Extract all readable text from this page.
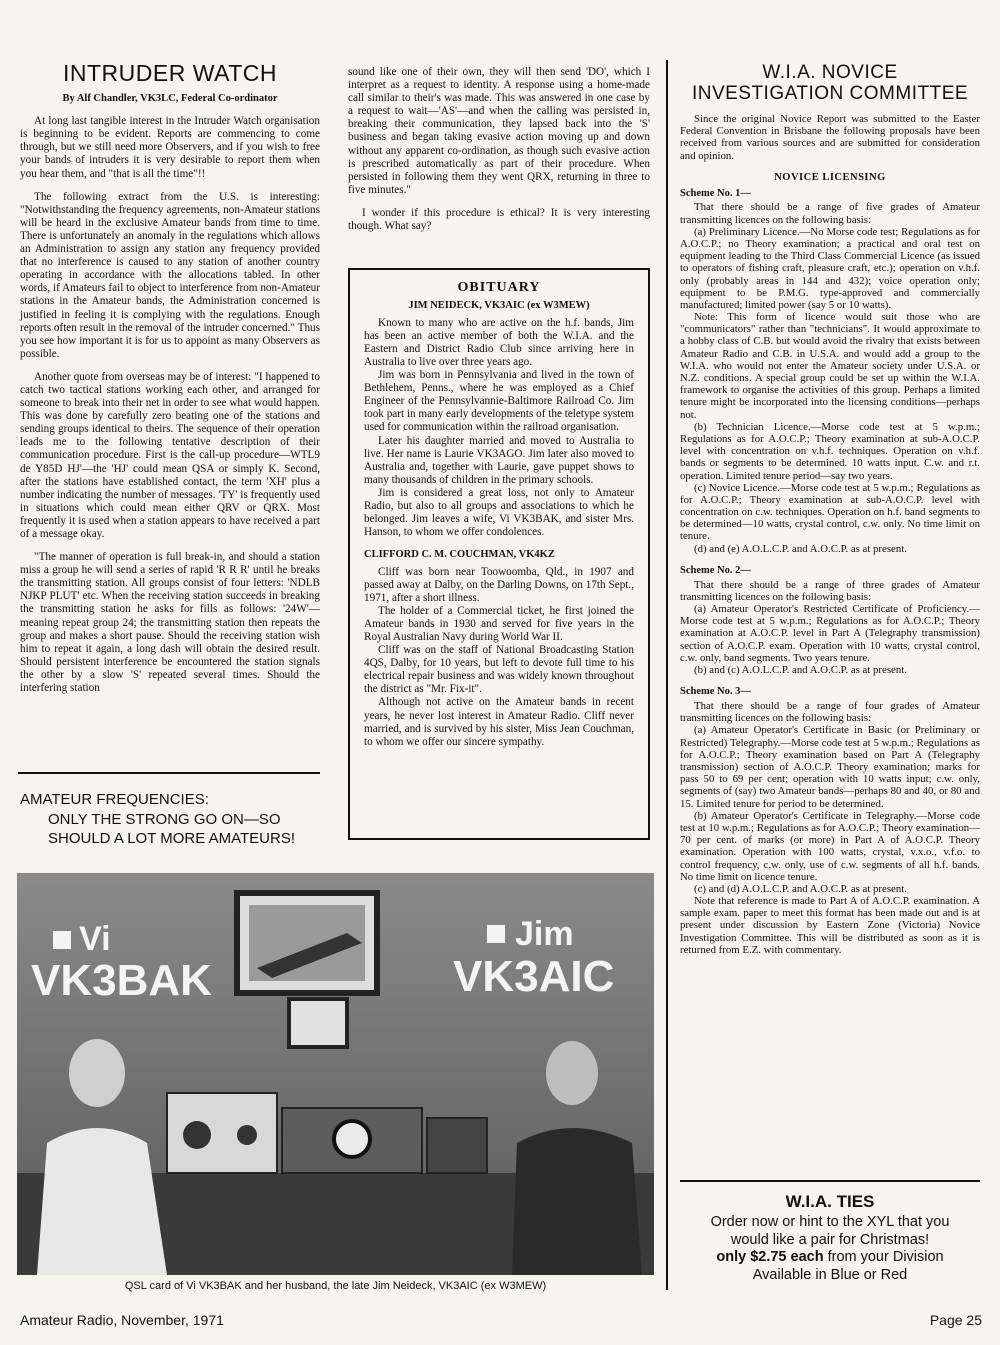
INTRUDER WATCH
By Alf Chandler, VK3LC, Federal Co-ordinator

At long last tangible interest in the Intruder Watch organisation is beginning to be evident. Reports are commencing to come through, but we still need more Observers, and if you wish to free your bands of intruders it is very desirable to report them when you hear them, and "that is all the time"!!

The following extract from the U.S. is interesting: "Notwithstanding the frequency agreements, non-Amateur stations will be heard in the exclusive Amateur bands from time to time. There is unfortunately an anomaly in the regulations which allows an Administration to assign any station any frequency provided that no interference is caused to any station of another country operating in accordance with the allocations tabled. In other words, if Amateurs fail to object to interference from non-Amateur stations in the Amateur bands, the Administration concerned is justified in feeling it is complying with the regulations. Enough reports often result in the removal of the intruder concerned." Thus you see how important it is for us to appoint as many Observers as possible.

Another quote from overseas may be of interest: "I happened to catch two tactical stations working each other, and arranged for someone to break into their net in order to see what would happen. This was done by carefully zero beating one of the stations and sending groups identical to theirs. The sequence of their operation leads me to the following tentative description of their communication procedure. First is the call-up procedure—WTL9 de Y85D HJ'—the 'HJ' could mean QSA or simply K. Second, after the stations have established contact, the term 'XH' plus a number indicating the number of messages. 'TY' is frequently used in situations which could mean either QRV or QRX. Most frequently it is used when a station appears to have received a part of a message okay.

"The manner of operation is full break-in, and should a station miss a group he will send a series of rapid 'R R R' until he breaks the transmitting station. All groups consist of four letters: 'NDLB NJKP PLUT' etc. When the receiving station succeeds in breaking the transmitting station he asks for fills as follows: '24W'—meaning repeat group 24; the transmitting station then repeats the group and makes a short pause. Should the receiving station wish him to repeat it again, a long dash will obtain the desired result. Should persistent interference be encountered the station signals the other by a slow 'S' repeated several times. Should the interfering station

AMATEUR FREQUENCIES:
ONLY THE STRONG GO ON—SO
SHOULD A LOT MORE AMATEURS!

sound like one of their own, they will then send 'DO', which I interpret as a request to identity. A response using a home-made call similar to their's was made. This was answered in one case by a request to wait—'AS'—and when the calling was persisted in, breaking their communication, they lapsed back into the 'S' business and began taking evasive action moving up and down without any apparent co-ordination, as though such evasive action is prescribed automatically as part of their procedure. When persisted in following them they went QRX, returning in three to five minutes."

I wonder if this procedure is ethical? It is very interesting though. What say?

OBITUARY
JIM NEIDECK, VK3AIC (ex W3MEW)

Known to many who are active on the h.f. bands, Jim has been an active member of both the W.I.A. and the Eastern and District Radio Club since arriving here in Australia to live over three years ago.

Jim was born in Pennsylvania and lived in the town of Bethlehem, Penns., where he was employed as a Chief Engineer of the Pennsylvannie-Baltimore Railroad Co. Jim took part in many early developments of the teletype system used for communication within the railroad organisation.

Later his daughter married and moved to Australia to live. Her name is Laurie VK3AGO. Jim later also moved to Australia and, together with Laurie, gave puppet shows to many thousands of children in the primary schools.

Jim is considered a great loss, not only to Amateur Radio, but also to all groups and associations to which he belonged. Jim leaves a wife, Vi VK3BAK, and sister Mrs. Hanson, to whom we offer condolences.

CLIFFORD C. M. COUCHMAN, VK4KZ

Cliff was born near Toowoomba, Qld., in 1907 and passed away at Dalby, on the Darling Downs, on 17th Sept., 1971, after a short illness.

The holder of a Commercial ticket, he first joined the Amateur bands in 1930 and served for five years in the Royal Australian Navy during World War II.

Cliff was on the staff of National Broadcasting Station 4QS, Dalby, for 10 years, but left to devote full time to his electrical repair business and was widely known throughout the district as "Mr. Fix-it".

Although not active on the Amateur bands in recent years, he never lost interest in Amateur Radio. Cliff never married, and is survived by his sister, Miss Jean Couchman, to whom we offer our sincere sympathy.

W.I.A. NOVICE
INVESTIGATION COMMITTEE

Since the original Novice Report was submitted to the Easter Federal Convention in Brisbane the following proposals have been received from various sources and are submitted for consideration and opinion.

NOVICE LICENSING
Scheme No. 1—

That there should be a range of five grades of Amateur transmitting licences on the following basis:

(a) Preliminary Licence.—No Morse code test; Regulations as for A.O.C.P.; no Theory examination; a practical and oral test on equipment leading to the Third Class Commercial Licence (as issued to operators of fishing craft, pleasure craft, etc.); operation on v.h.f. only (probably areas in 144 and 432); voice operation only; equipment to be P.M.G. type-approved and commercially manufactured; limited power (say 5 or 10 watts).

Note: This form of licence would suit those who are "communicators" rather than "technicians". It would approximate to a hobby class of C.B. but would avoid the rivalry that exists between Amateur Radio and C.B. in U.S.A. and would add a group to the W.I.A. who would not enter the Amateur society under U.S.A. or N.Z. conditions. A special group could be set up within the W.I.A. framework to organise the activities of this group. Perhaps a limited tenure might be incorporated into the licensing conditions—perhaps not.

(b) Technician Licence.—Morse code test at 5 w.p.m.; Regulations as for A.O.C.P.; Theory examination at sub-A.O.C.P. level with concentration on v.h.f. techniques. Operation on v.h.f. bands or segments to be determined. 10 watts input. C.w. and r.t. operation. Limited tenure period—say two years.

(c) Novice Licence.—Morse code test at 5 w.p.m.; Regulations as for A.O.C.P.; Theory examination at sub-A.O.C.P. level with concentration on c.w. techniques. Operation on h.f. band segments to be determined—10 watts, crystal control, c.w. only. No time limit on tenure.

(d) and (e) A.O.L.C.P. and A.O.C.P. as at present.

Scheme No. 2—

That there should be a range of three grades of Amateur transmitting licences on the following basis:

(a) Amateur Operator's Restricted Certificate of Proficiency.—Morse code test at 5 w.p.m.; Regulations as for A.O.C.P.; Theory examination at A.O.C.P. level in Part A (Telegraphy transmission) section of A.O.C.P. exam. Operation with 10 watts, crystal control, c.w. only, band segments. Two years tenure.

(b) and (c) A.O.L.C.P. and A.O.C.P. as at present.

Scheme No. 3—

That there should be a range of four grades of Amateur transmitting licences on the following basis:

(a) Amateur Operator's Certificate in Basic (or Preliminary or Restricted) Telegraphy.—Morse code test at 5 w.p.m.; Regulations as for A.O.C.P.; Theory examination based on Part A (Telegraphy transmission) section of A.O.C.P. Theory examination; marks for pass 50 to 69 per cent; operation with 10 watts input; c.w. only, segments of (say) two Amateur bands—perhaps 80 and 40, or 80 and 15. Limited tenure for period to be determined.

(b) Amateur Operator's Certificate in Telegraphy.—Morse code test at 10 w.p.m.; Regulations as for A.O.C.P.; Theory examination—70 per cent. of marks (or more) in Part A of A.O.C.P. Theory examination. Operation with 100 watts, crystal, v.x.o., v.f.o. to control frequency, c.w. only, use of c.w. segments of all h.f. bands. No time limit on licence tenure.

(c) and (d) A.O.L.C.P. and A.O.C.P. as at present.

Note that reference is made to Part A of A.O.C.P. examination. A sample exam. paper to meet this format has been made out and is at present under discussion by Eastern Zone (Victoria) Novice Investigation Committee. This will be distributed as soon as it is returned from E.Z. with commentary.

W.I.A. TIES
Order now or hint to the XYL that you
would like a pair for Christmas!
only $2.75 each from your Division
Available in Blue or Red
Vi
VK3BAK
Jim
VK3AIC
QSL card of Vi VK3BAK and her husband, the late Jim Neideck, VK3AIC (ex W3MEW)
Amateur Radio, November, 1971	Page 25
